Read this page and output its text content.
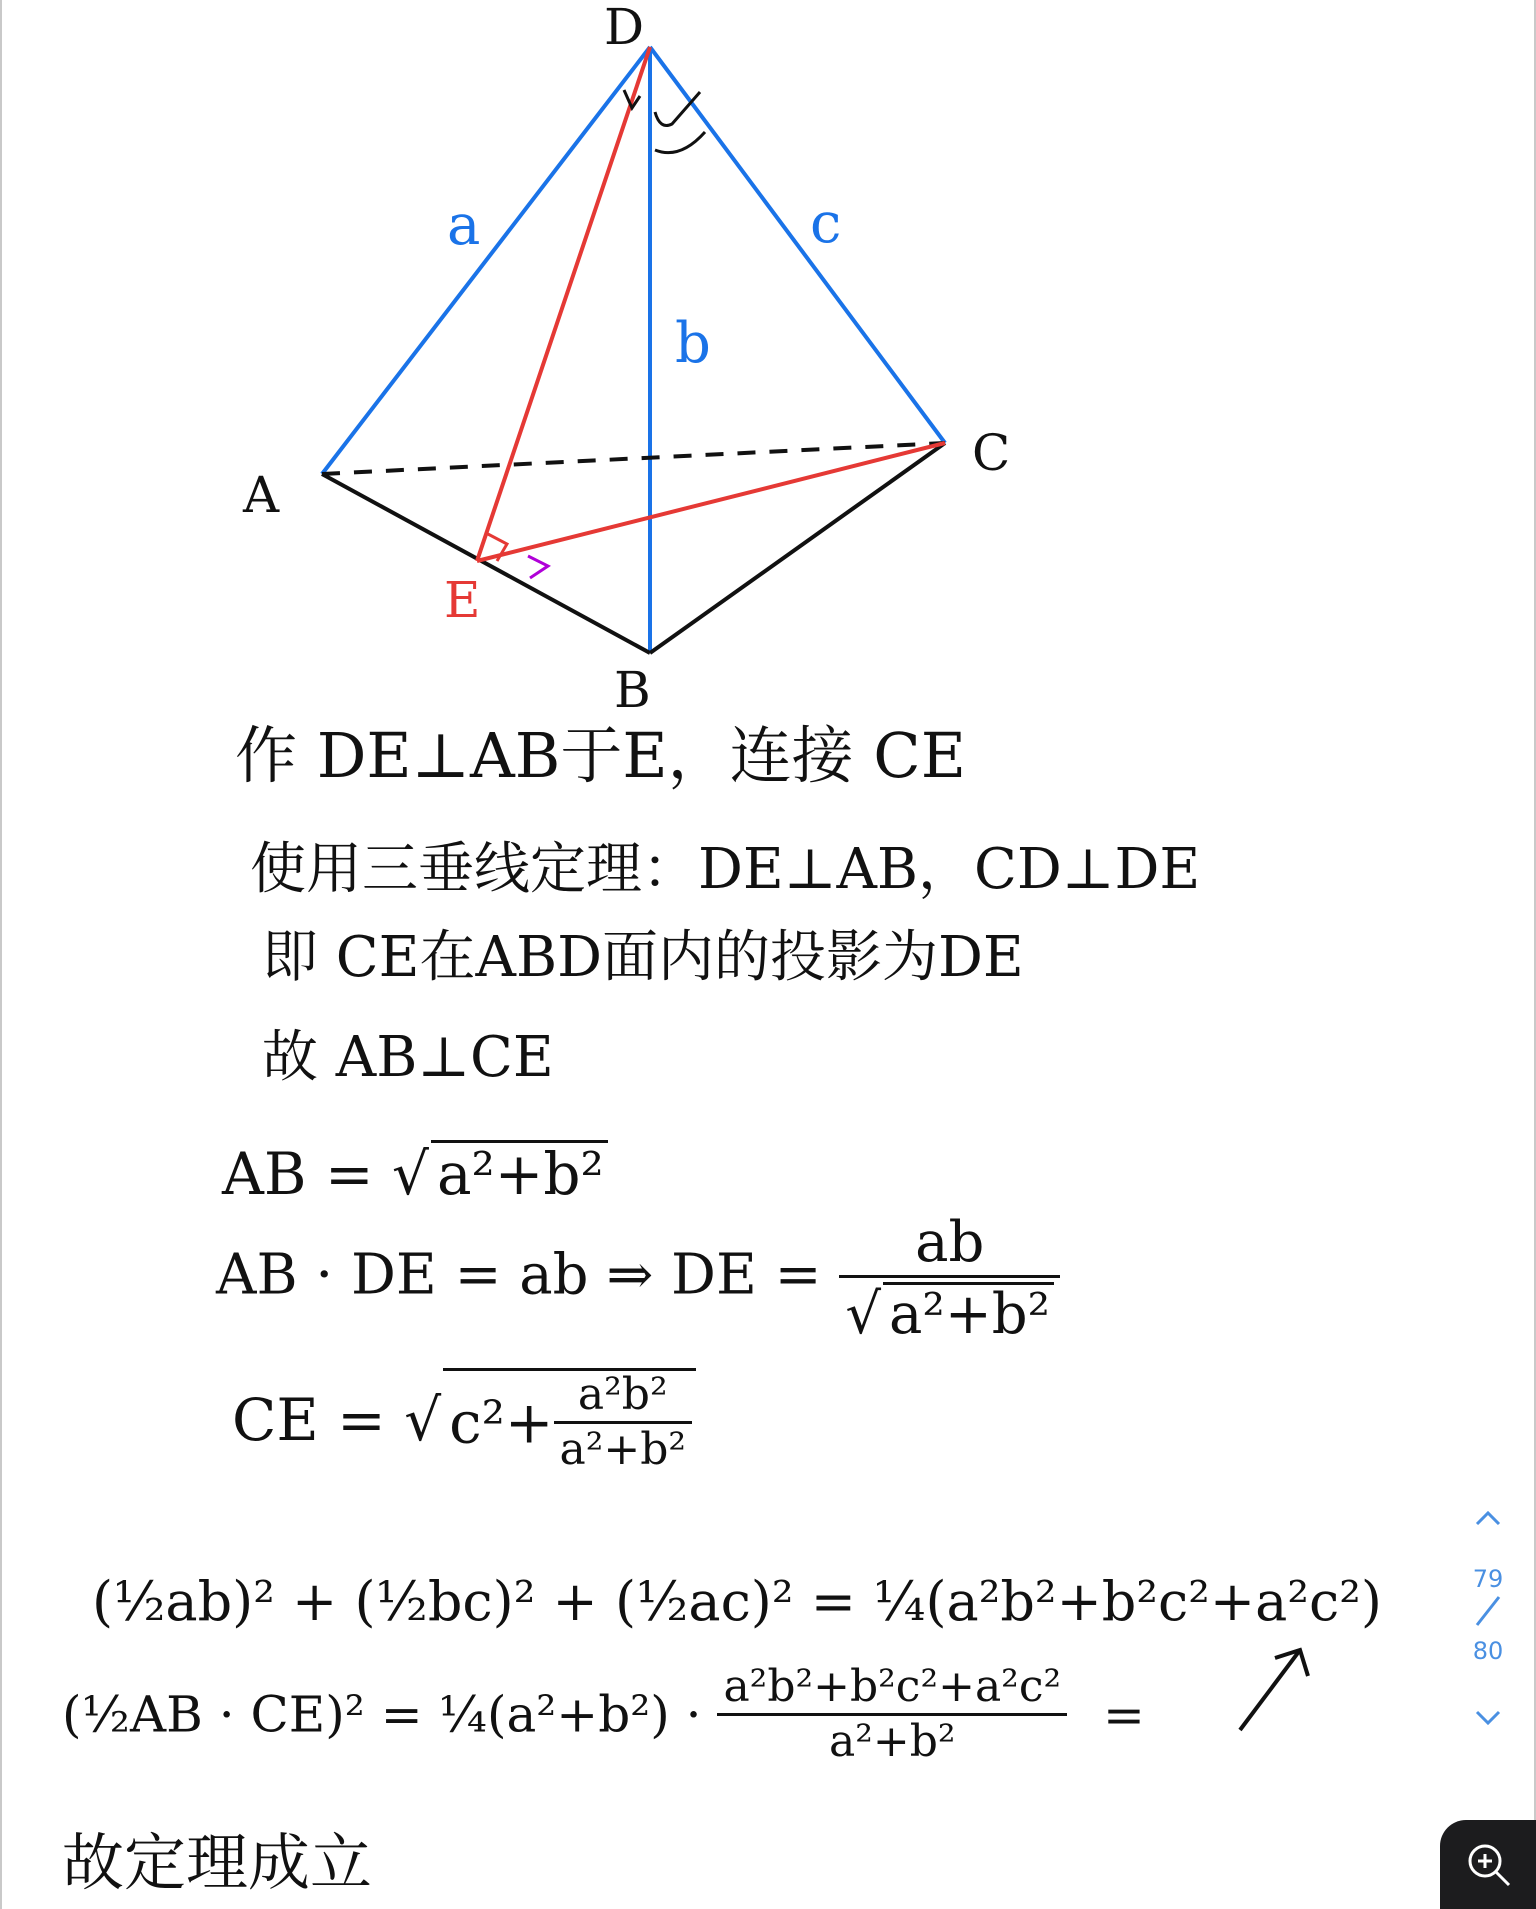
D

A

C

B

E

a

b

c

作 DE⊥AB于E，连接 CE

使用三垂线定理：DE⊥AB，CD⊥DE

即 CE在ABD面内的投影为DE

故 AB⊥CE

AB = √ a²+b²
AB · DE = ab ⇒ DE = $\frac{ab}{\text{√ a²+b²}}$
CE = √ $c^2+ \frac{\text{a²b²}}{\text{a²+b²}}$

(½ab)² + (½bc)² + (½ac)² = ¼(a²b²+b²c²+a²c²)

(½AB · CE)² = ¼(a²+b²) · $\frac{\text{a²b²+b²c²+a²c²}}{\text{a²+b²}}$ =

故定理成立

79
80
